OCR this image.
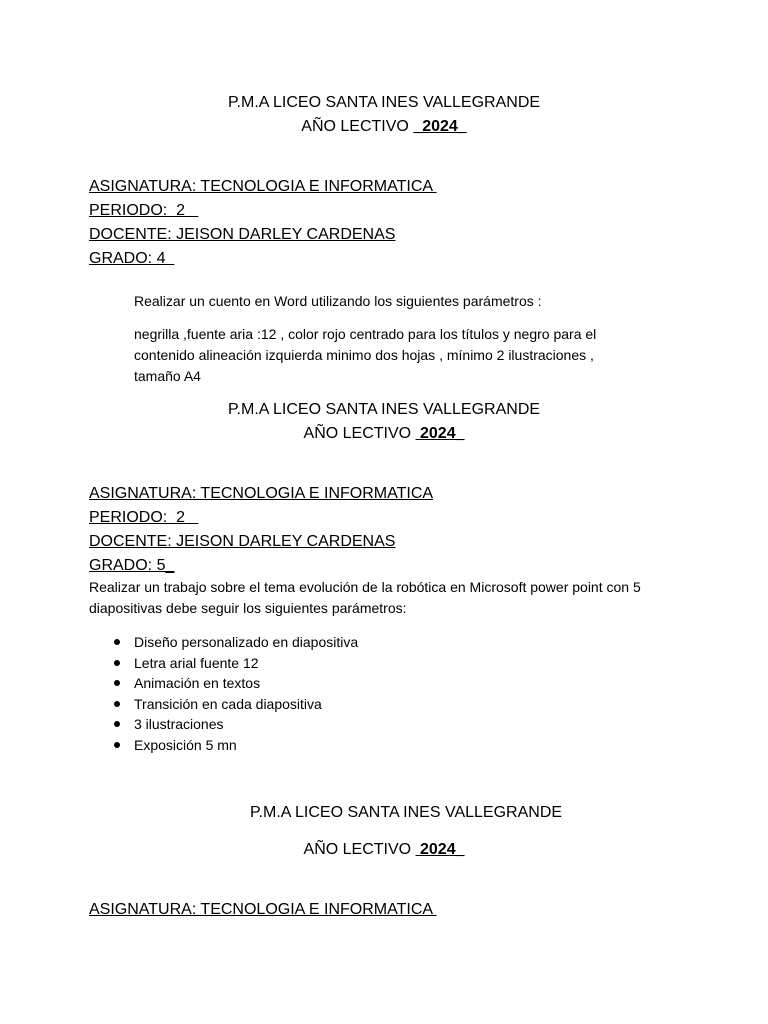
P.M.A LICEO SANTA INES VALLEGRANDE
AÑO LECTIVO _2024_
ASIGNATURA: TECNOLOGIA E INFORMATICA
PERIODO:  2
DOCENTE: JEISON DARLEY CARDENAS
GRADO: 4
Realizar un cuento en Word utilizando los siguientes parámetros :
negrilla ,fuente aria :12 , color rojo centrado para los títulos y negro para el contenido alineación izquierda minimo dos hojas , mínimo 2 ilustraciones , tamaño A4
P.M.A LICEO SANTA INES VALLEGRANDE
AÑO LECTIVO  2024_
ASIGNATURA: TECNOLOGIA E INFORMATICA
PERIODO:  2
DOCENTE: JEISON DARLEY CARDENAS
GRADO: 5_
Realizar un trabajo sobre el tema evolución de la robótica en Microsoft power point con 5 diapositivas debe seguir los siguientes parámetros:
Diseño personalizado en diapositiva
Letra arial fuente 12
Animación en textos
Transición en cada diapositiva
3 ilustraciones
Exposición 5 mn
P.M.A LICEO SANTA INES VALLEGRANDE
AÑO LECTIVO  2024_
ASIGNATURA: TECNOLOGIA E INFORMATICA
